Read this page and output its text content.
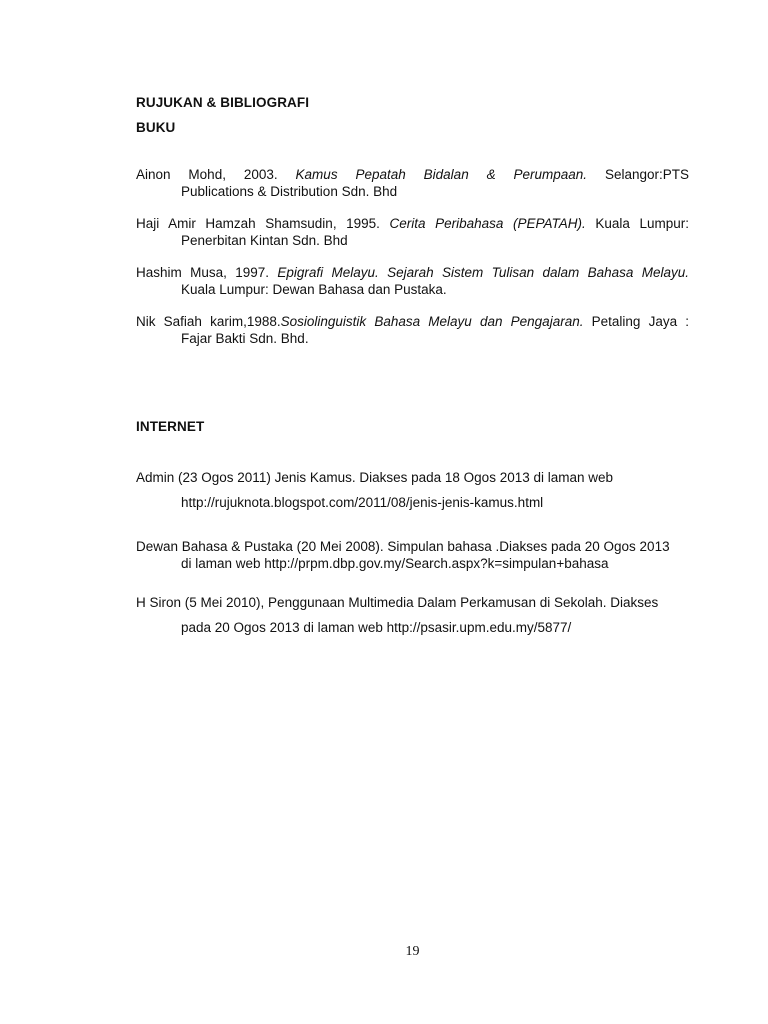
RUJUKAN & BIBLIOGRAFI
BUKU
Ainon Mohd, 2003. Kamus Pepatah Bidalan & Perumpaan. Selangor:PTS
Publications & Distribution Sdn. Bhd
Haji Amir Hamzah Shamsudin, 1995. Cerita Peribahasa (PEPATAH). Kuala Lumpur:
Penerbitan Kintan Sdn. Bhd
Hashim Musa, 1997. Epigrafi Melayu. Sejarah Sistem Tulisan dalam Bahasa Melayu.
Kuala Lumpur: Dewan Bahasa dan Pustaka.
Nik Safiah karim,1988.Sosiolinguistik Bahasa Melayu dan Pengajaran. Petaling Jaya :
Fajar Bakti Sdn. Bhd.
INTERNET
Admin (23 Ogos 2011) Jenis Kamus. Diakses pada 18 Ogos 2013 di laman web
http://rujuknota.blogspot.com/2011/08/jenis-jenis-kamus.html
Dewan Bahasa & Pustaka (20 Mei 2008). Simpulan bahasa .Diakses pada 20 Ogos 2013
di laman web http://prpm.dbp.gov.my/Search.aspx?k=simpulan+bahasa
H Siron (5 Mei 2010), Penggunaan Multimedia Dalam Perkamusan di Sekolah. Diakses
pada 20 Ogos 2013 di laman web http://psasir.upm.edu.my/5877/
19
